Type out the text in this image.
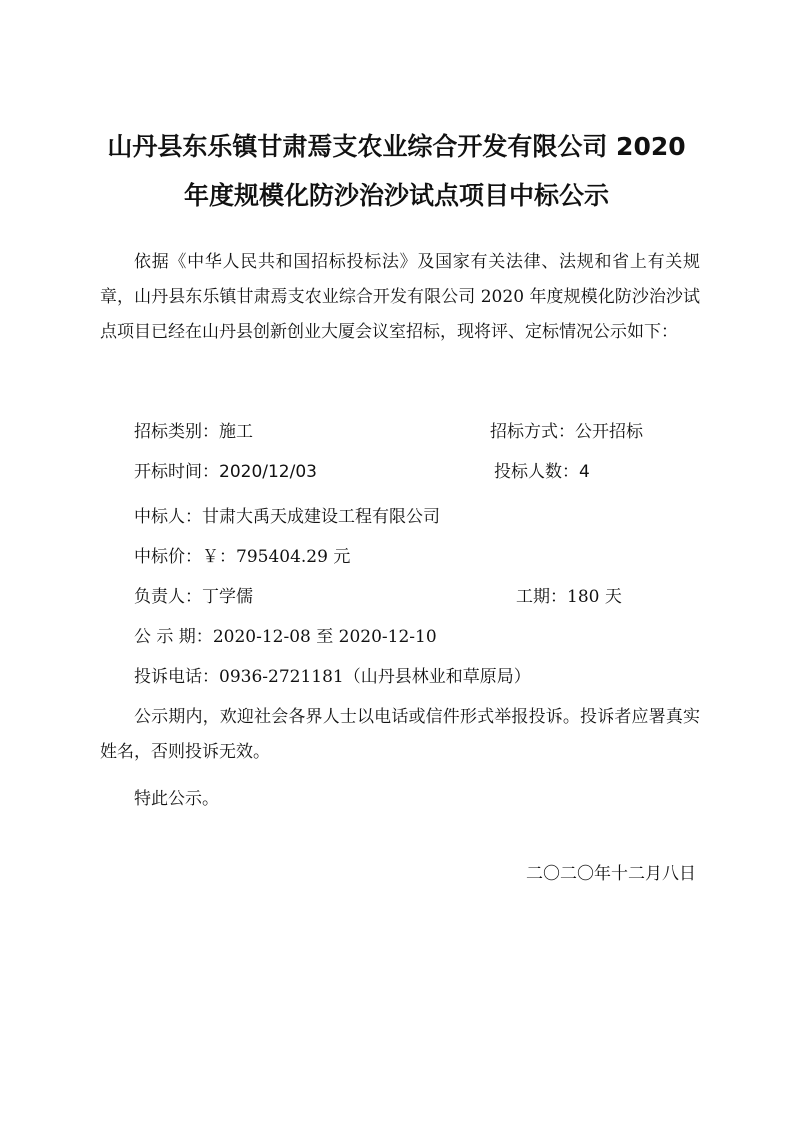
山丹县东乐镇甘肃焉支农业综合开发有限公司 2020
年度规模化防沙治沙试点项目中标公示

依据《中华人民共和国招标投标法》及国家有关法律、法规和省上有关规章，山丹县东乐镇甘肃焉支农业综合开发有限公司 2020 年度规模化防沙治沙试点项目已经在山丹县创新创业大厦会议室招标，现将评、定标情况公示如下：

招标类别：施工	招标方式：公开招标
开标时间：2020/12/03	投标人数：4
中标人：甘肃大禹天成建设工程有限公司
中标价：￥：795404.29 元
负责人：丁学儒	工期：180 天
公 示 期：2020-12-08 至 2020-12-10
投诉电话：0936-2721181（山丹县林业和草原局）

公示期内，欢迎社会各界人士以电话或信件形式举报投诉。投诉者应署真实姓名，否则投诉无效。

特此公示。
二〇二〇年十二月八日
